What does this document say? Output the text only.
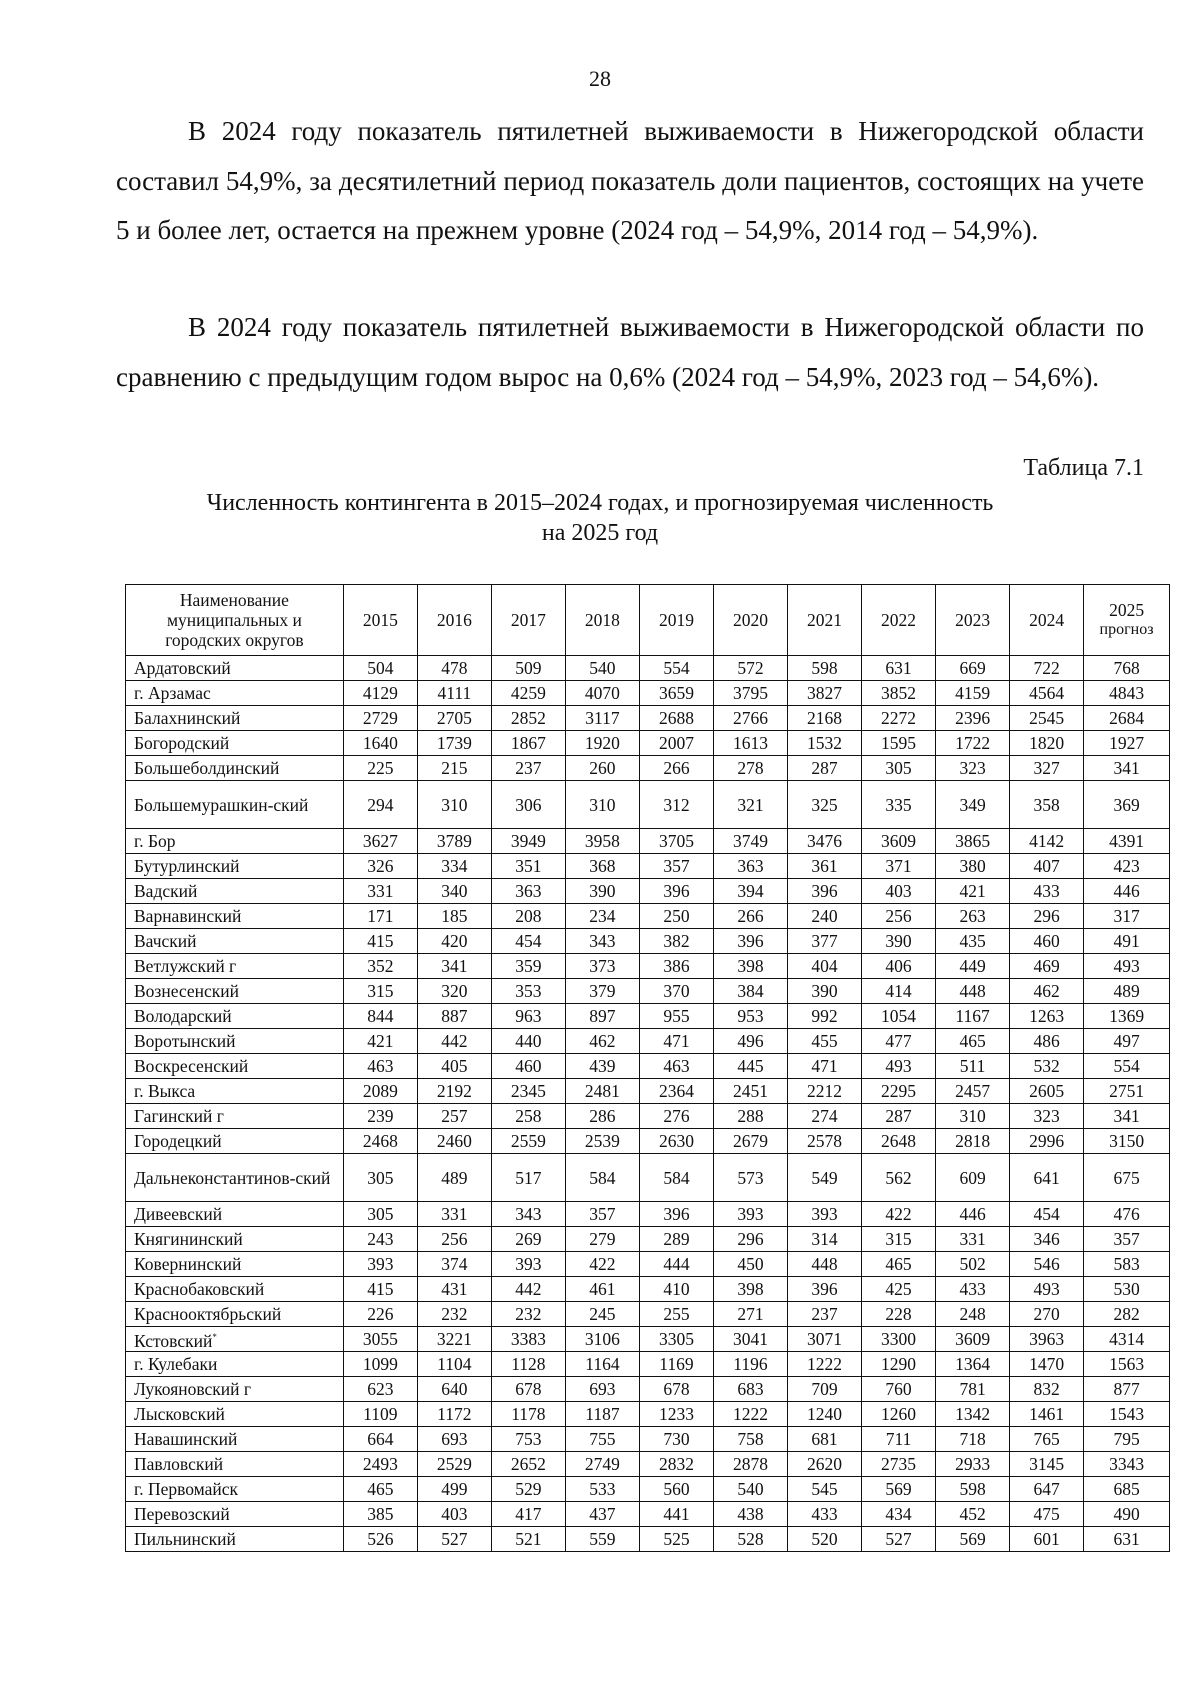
28

В 2024 году показатель пятилетней выживаемости в Нижегородской области составил 54,9%, за десятилетний период показатель доли пациентов, состоящих на учете 5 и более лет, остается на прежнем уровне (2024 год – 54,9%, 2014 год – 54,9%).

В 2024 году показатель пятилетней выживаемости в Нижегородской области по сравнению с предыдущим годом вырос на 0,6% (2024 год – 54,9%, 2023 год – 54,6%).

Таблица 7.1
Численность контингента в 2015–2024 годах, и прогнозируемая численность
на 2025 год
Наименование муниципальных и городских округов	2015	2016	2017	2018	2019	2020	2021	2022	2023	2024	2025
прогноз

Ардатовский	504	478	509	540	554	572	598	631	669	722	768
г. Арзамас	4129	4111	4259	4070	3659	3795	3827	3852	4159	4564	4843
Балахнинский	2729	2705	2852	3117	2688	2766	2168	2272	2396	2545	2684
Богородский	1640	1739	1867	1920	2007	1613	1532	1595	1722	1820	1927
Большеболдинский	225	215	237	260	266	278	287	305	323	327	341
Большемурашкин-ский	294	310	306	310	312	321	325	335	349	358	369
г. Бор	3627	3789	3949	3958	3705	3749	3476	3609	3865	4142	4391
Бутурлинский	326	334	351	368	357	363	361	371	380	407	423
Вадский	331	340	363	390	396	394	396	403	421	433	446
Варнавинский	171	185	208	234	250	266	240	256	263	296	317
Вачский	415	420	454	343	382	396	377	390	435	460	491
Ветлужский г	352	341	359	373	386	398	404	406	449	469	493
Вознесенский	315	320	353	379	370	384	390	414	448	462	489
Володарский	844	887	963	897	955	953	992	1054	1167	1263	1369
Воротынский	421	442	440	462	471	496	455	477	465	486	497
Воскресенский	463	405	460	439	463	445	471	493	511	532	554
г. Выкса	2089	2192	2345	2481	2364	2451	2212	2295	2457	2605	2751
Гагинский г	239	257	258	286	276	288	274	287	310	323	341
Городецкий	2468	2460	2559	2539	2630	2679	2578	2648	2818	2996	3150
Дальнеконстантинов-ский	305	489	517	584	584	573	549	562	609	641	675
Дивеевский	305	331	343	357	396	393	393	422	446	454	476
Княгининский	243	256	269	279	289	296	314	315	331	346	357
Ковернинский	393	374	393	422	444	450	448	465	502	546	583
Краснобаковский	415	431	442	461	410	398	396	425	433	493	530
Краснооктябрьский	226	232	232	245	255	271	237	228	248	270	282
Кстовский*	3055	3221	3383	3106	3305	3041	3071	3300	3609	3963	4314
г. Кулебаки	1099	1104	1128	1164	1169	1196	1222	1290	1364	1470	1563
Лукояновский г	623	640	678	693	678	683	709	760	781	832	877
Лысковский	1109	1172	1178	1187	1233	1222	1240	1260	1342	1461	1543
Навашинский	664	693	753	755	730	758	681	711	718	765	795
Павловский	2493	2529	2652	2749	2832	2878	2620	2735	2933	3145	3343
г. Первомайск	465	499	529	533	560	540	545	569	598	647	685
Перевозский	385	403	417	437	441	438	433	434	452	475	490
Пильнинский	526	527	521	559	525	528	520	527	569	601	631
